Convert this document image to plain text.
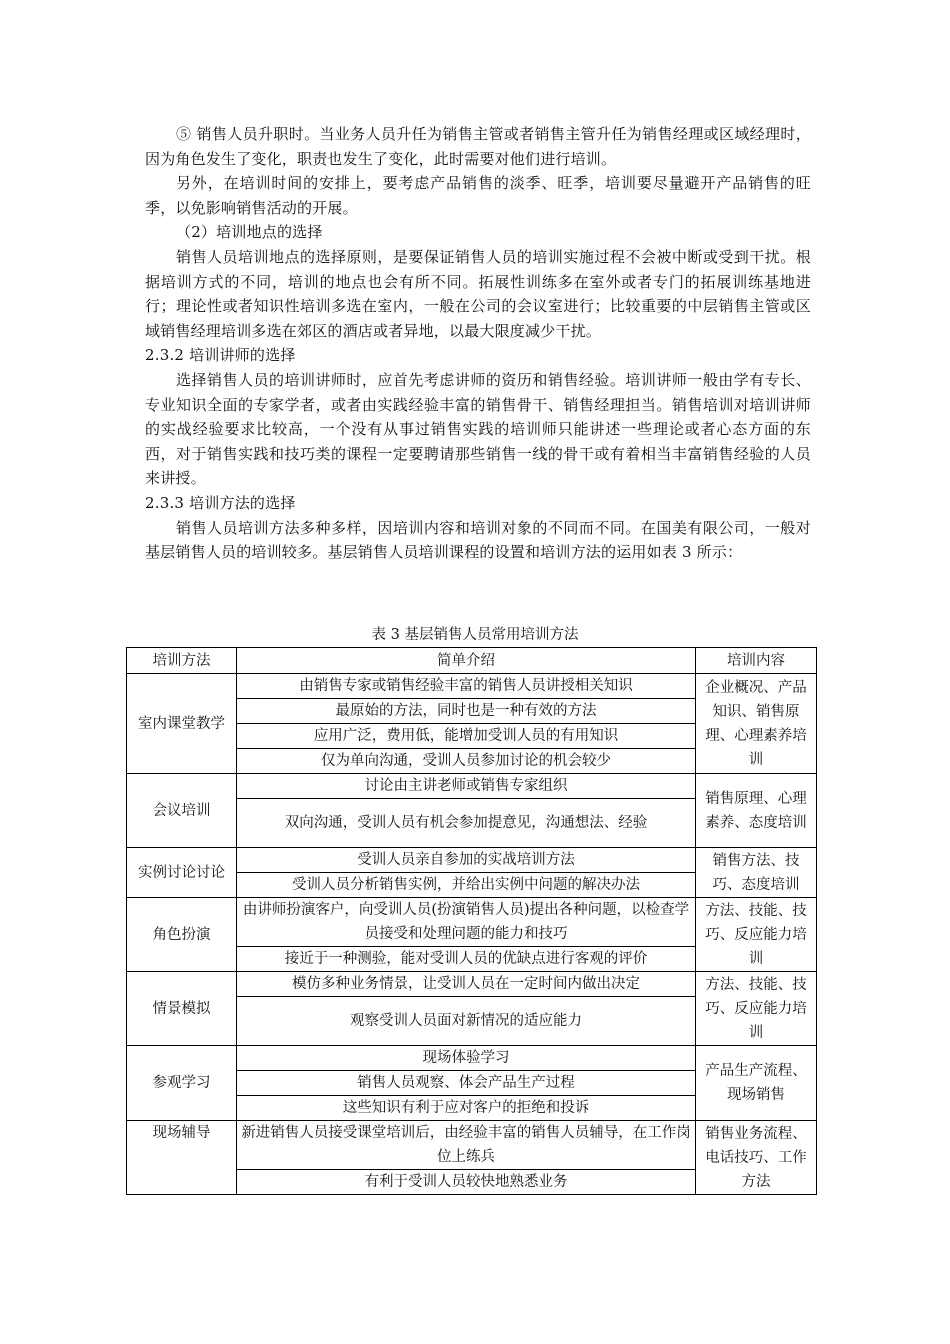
⑤ 销售人员升职时。当业务人员升任为销售主管或者销售主管升任为销售经理或区域经理时，因为角色发生了变化，职责也发生了变化，此时需要对他们进行培训。

另外，在培训时间的安排上，要考虑产品销售的淡季、旺季，培训要尽量避开产品销售的旺季，以免影响销售活动的开展。

（2）培训地点的选择

销售人员培训地点的选择原则，是要保证销售人员的培训实施过程不会被中断或受到干扰。根据培训方式的不同，培训的地点也会有所不同。拓展性训练多在室外或者专门的拓展训练基地进行；理论性或者知识性培训多选在室内，一般在公司的会议室进行；比较重要的中层销售主管或区域销售经理培训多选在郊区的酒店或者异地，以最大限度减少干扰。

2.3.2 培训讲师的选择

选择销售人员的培训讲师时，应首先考虑讲师的资历和销售经验。培训讲师一般由学有专长、专业知识全面的专家学者，或者由实践经验丰富的销售骨干、销售经理担当。销售培训对培训讲师的实战经验要求比较高，一个没有从事过销售实践的培训师只能讲述一些理论或者心态方面的东西，对于销售实践和技巧类的课程一定要聘请那些销售一线的骨干或有着相当丰富销售经验的人员来讲授。

2.3.3 培训方法的选择

销售人员培训方法多种多样，因培训内容和培训对象的不同而不同。在国美有限公司，一般对基层销售人员的培训较多。基层销售人员培训课程的设置和培训方法的运用如表 3 所示：

表 3 基层销售人员常用培训方法
培训方法	简单介绍	培训内容
室内课堂教学	由销售专家或销售经验丰富的销售人员讲授相关知识	企业概况、产品知识、销售原理、心理素养培训
	最原始的方法，同时也是一种有效的方法	
	应用广泛，费用低，能增加受训人员的有用知识	
	仅为单向沟通，受训人员参加讨论的机会较少	
会议培训	讨论由主讲老师或销售专家组织	销售原理、心理素养、态度培训
	双向沟通，受训人员有机会参加提意见，沟通想法、经验	
实例讨论讨论	受训人员亲自参加的实战培训方法	销售方法、技巧、态度培训
	受训人员分析销售实例，并给出实例中问题的解决办法	
角色扮演	由讲师扮演客户，向受训人员(扮演销售人员)提出各种问题，以检查学员接受和处理问题的能力和技巧	方法、技能、技巧、反应能力培训
	接近于一种测验，能对受训人员的优缺点进行客观的评价	
情景模拟	模仿多种业务情景，让受训人员在一定时间内做出决定	方法、技能、技巧、反应能力培训
	观察受训人员面对新情况的适应能力	
参观学习	现场体验学习	产品生产流程、现场销售
	销售人员观察、体会产品生产过程	
	这些知识有利于应对客户的拒绝和投诉	
现场辅导	新进销售人员接受课堂培训后，由经验丰富的销售人员辅导，在工作岗位上练兵	销售业务流程、电话技巧、工作方法
	有利于受训人员较快地熟悉业务	
